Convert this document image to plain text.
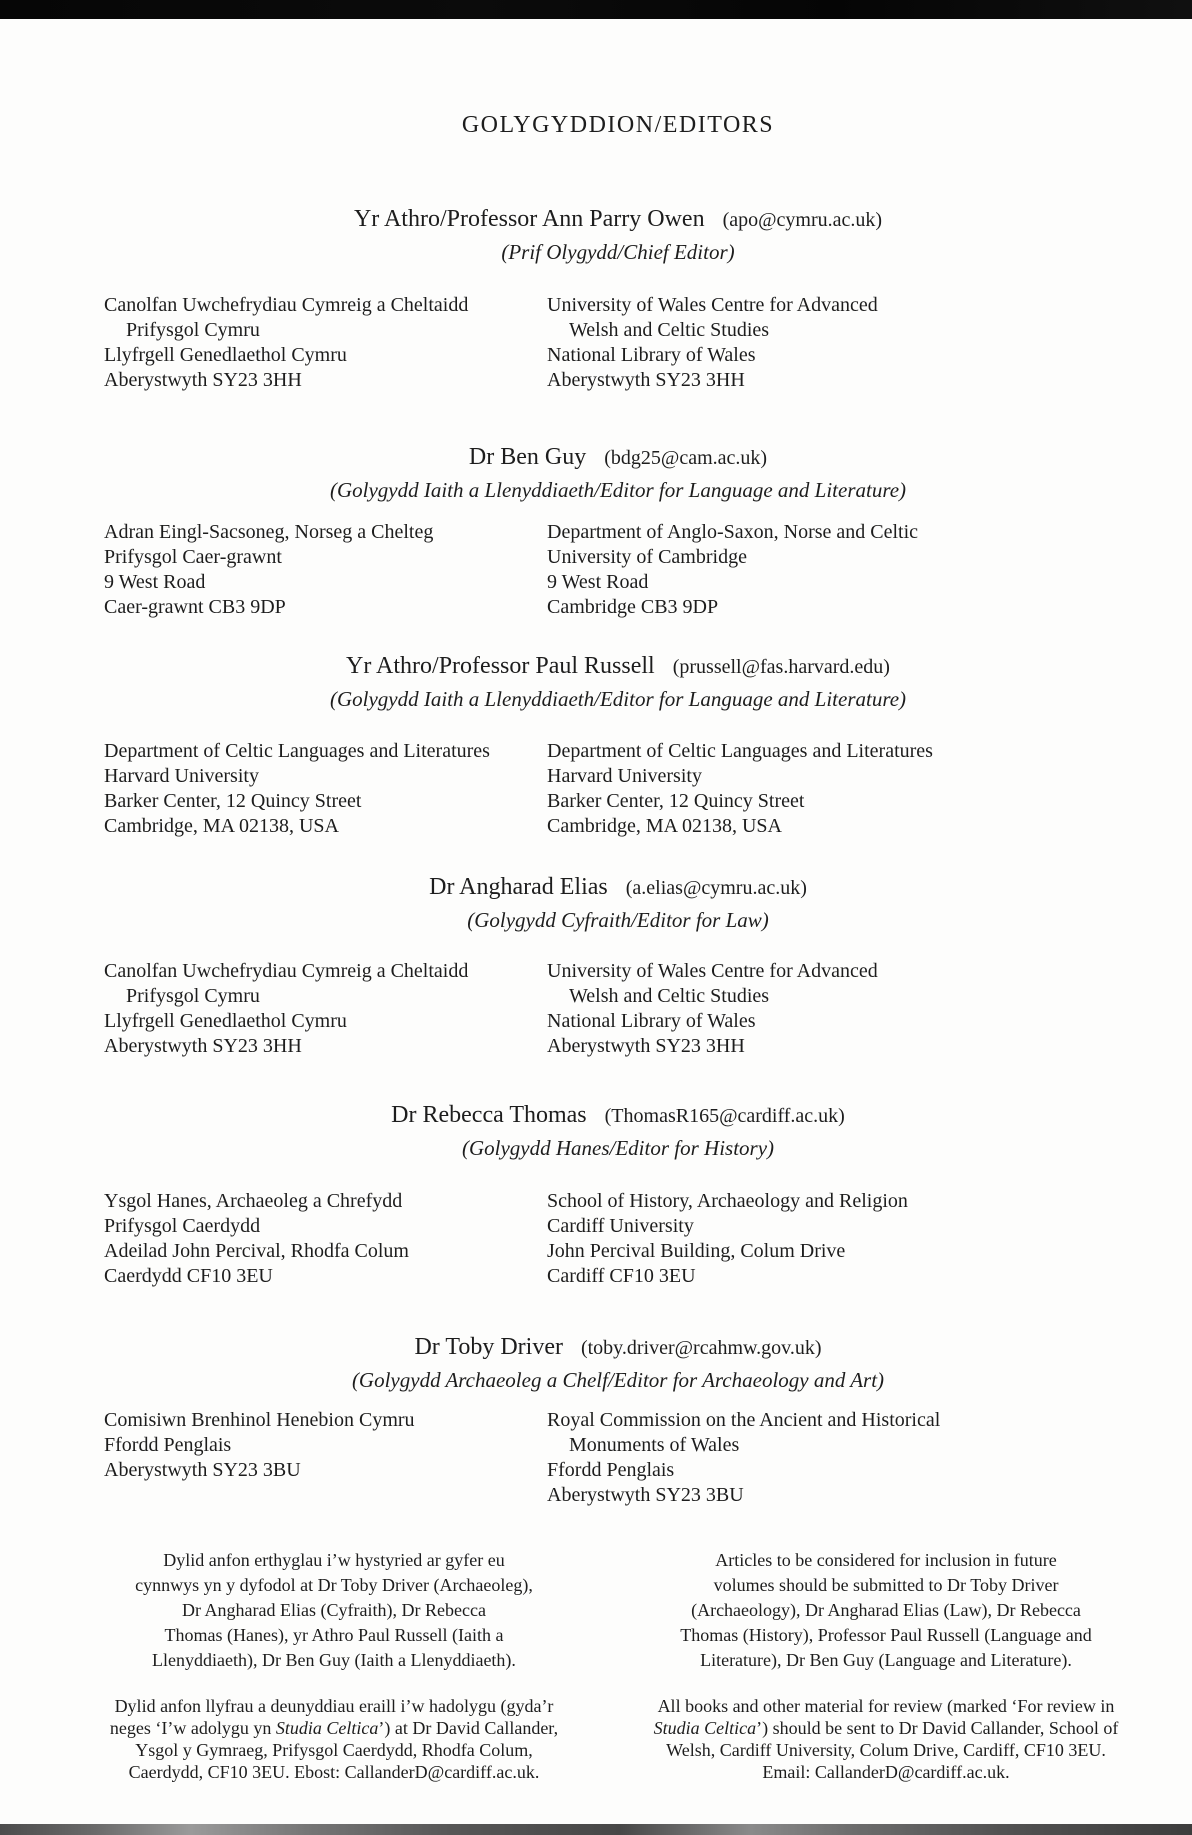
GOLYGYDDION/EDITORS
Yr Athro/Professor Ann Parry Owen (apo@cymru.ac.uk)
(Prif Olygydd/Chief Editor)
Canolfan Uwchefrydiau Cymreig a Cheltaidd
Prifysgol Cymru
Llyfrgell Genedlaethol Cymru
Aberystwyth SY23 3HH
University of Wales Centre for Advanced
Welsh and Celtic Studies
National Library of Wales
Aberystwyth SY23 3HH
Dr Ben Guy (bdg25@cam.ac.uk)
(Golygydd Iaith a Llenyddiaeth/Editor for Language and Literature)
Adran Eingl-Sacsoneg, Norseg a Chelteg
Prifysgol Caer-grawnt
9 West Road
Caer-grawnt CB3 9DP
Department of Anglo-Saxon, Norse and Celtic
University of Cambridge
9 West Road
Cambridge CB3 9DP
Yr Athro/Professor Paul Russell (prussell@fas.harvard.edu)
(Golygydd Iaith a Llenyddiaeth/Editor for Language and Literature)
Department of Celtic Languages and Literatures
Harvard University
Barker Center, 12 Quincy Street
Cambridge, MA 02138, USA
Department of Celtic Languages and Literatures
Harvard University
Barker Center, 12 Quincy Street
Cambridge, MA 02138, USA
Dr Angharad Elias (a.elias@cymru.ac.uk)
(Golygydd Cyfraith/Editor for Law)
Canolfan Uwchefrydiau Cymreig a Cheltaidd
Prifysgol Cymru
Llyfrgell Genedlaethol Cymru
Aberystwyth SY23 3HH
University of Wales Centre for Advanced
Welsh and Celtic Studies
National Library of Wales
Aberystwyth SY23 3HH
Dr Rebecca Thomas (ThomasR165@cardiff.ac.uk)
(Golygydd Hanes/Editor for History)
Ysgol Hanes, Archaeoleg a Chrefydd
Prifysgol Caerdydd
Adeilad John Percival, Rhodfa Colum
Caerdydd CF10 3EU
School of History, Archaeology and Religion
Cardiff University
John Percival Building, Colum Drive
Cardiff CF10 3EU
Dr Toby Driver (toby.driver@rcahmw.gov.uk)
(Golygydd Archaeoleg a Chelf/Editor for Archaeology and Art)
Comisiwn Brenhinol Henebion Cymru
Ffordd Penglais
Aberystwyth SY23 3BU
Royal Commission on the Ancient and Historical
Monuments of Wales
Ffordd Penglais
Aberystwyth SY23 3BU
Dylid anfon erthyglau i’w hystyried ar gyfer eu
cynnwys yn y dyfodol at Dr Toby Driver (Archaeoleg),
Dr Angharad Elias (Cyfraith), Dr Rebecca
Thomas (Hanes), yr Athro Paul Russell (Iaith a
Llenyddiaeth), Dr Ben Guy (Iaith a Llenyddiaeth).
Articles to be considered for inclusion in future
volumes should be submitted to Dr Toby Driver
(Archaeology), Dr Angharad Elias (Law), Dr Rebecca
Thomas (History), Professor Paul Russell (Language and
Literature), Dr Ben Guy (Language and Literature).
Dylid anfon llyfrau a deunyddiau eraill i’w hadolygu (gyda’r
neges ‘I’w adolygu yn Studia Celtica’) at Dr David Callander,
Ysgol y Gymraeg, Prifysgol Caerdydd, Rhodfa Colum,
Caerdydd, CF10 3EU. Ebost: CallanderD@cardiff.ac.uk.
All books and other material for review (marked ‘For review in
Studia Celtica’) should be sent to Dr David Callander, School of
Welsh, Cardiff University, Colum Drive, Cardiff, CF10 3EU.
Email: CallanderD@cardiff.ac.uk.
